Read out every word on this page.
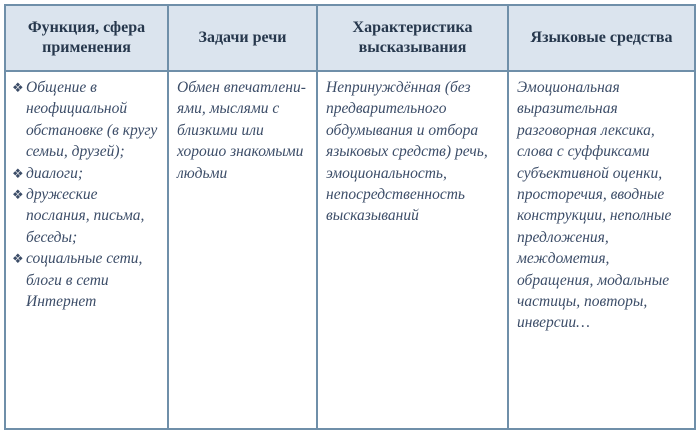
Функция, сфера применения
Задачи речи
Характеристика высказывания
Языковые средства
❖ Общение в неофициальной обстановке (в кругу семьи, друзей);
❖ диалоги;
❖ дружеские послания, письма, беседы;
❖ социальные сети, блоги в сети Интернет
Обмен впечатлени-ями, мыслями с близкими или хорошо знакомыми людьми
Непринуждённая (без предварительного обдумывания и отбора языковых средств) речь, эмоциональность, непосредственность высказываний
Эмоциональная выразительная разговорная лексика, слова с суффиксами субъективной оценки, просторечия, вводные конструкции, неполные предложения, междометия, обращения, модальные частицы, повторы, инверсии…
